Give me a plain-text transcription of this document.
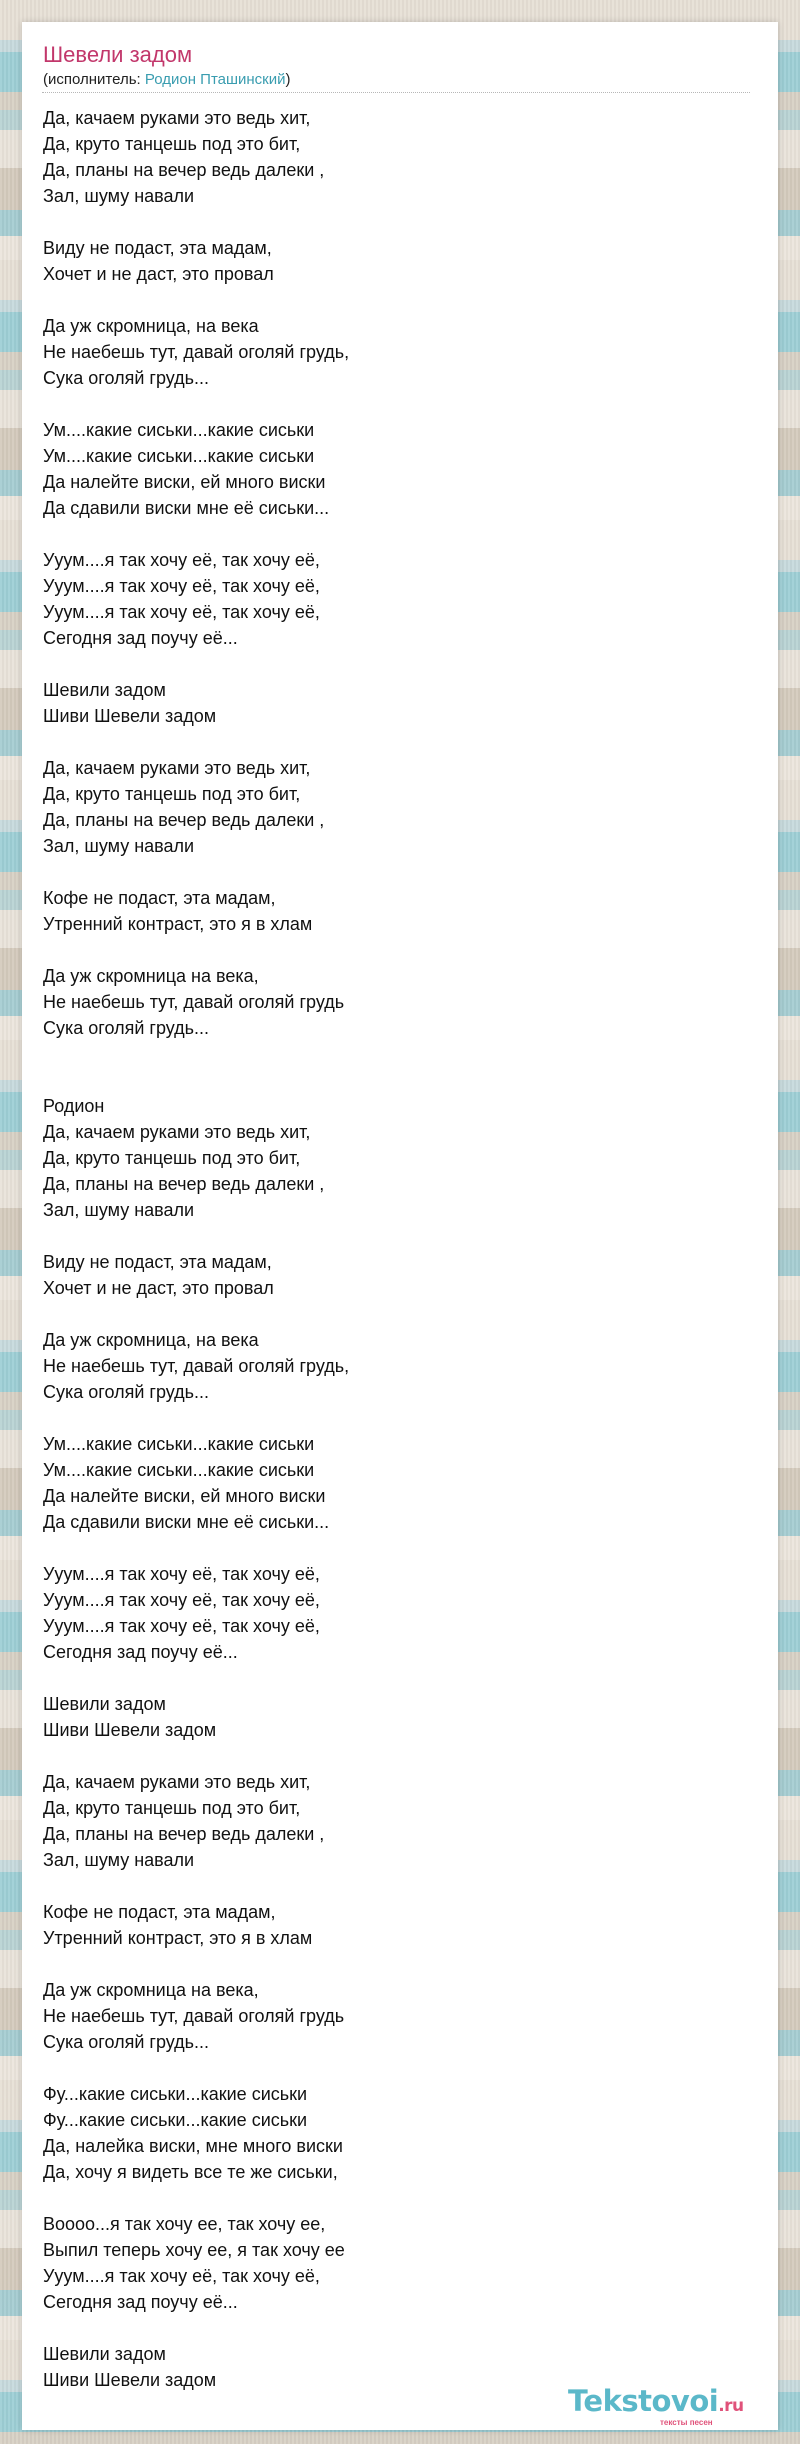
Шевели задом
(исполнитель: Родион Пташинский)
Да, качаем руками это ведь хит,
Да, круто танцешь под это бит,
Да, планы на вечер ведь далеки ,
Зал, шуму навали
Виду не подаст, эта мадам,
Хочет и не даст, это провал
Да уж скромница, на века
Не наебешь тут, давай оголяй грудь,
Сука оголяй грудь...
Ум....какие сиськи...какие сиськи
Ум....какие сиськи...какие сиськи
Да налейте виски, ей много виски
Да сдавили виски мне её сиськи...
Ууум....я так хочу её, так хочу её,
Ууум....я так хочу её, так хочу её,
Ууум....я так хочу её, так хочу её,
Сегодня зад поучу её...
Шевили задом
Шиви Шевели задом
Да, качаем руками это ведь хит,
Да, круто танцешь под это бит,
Да, планы на вечер ведь далеки ,
Зал, шуму навали
Кофе не подаст, эта мадам,
Утренний контраст, это я в хлам
Да уж скромница на века,
Не наебешь тут, давай оголяй грудь
Сука оголяй грудь...
Родион
Да, качаем руками это ведь хит,
Да, круто танцешь под это бит,
Да, планы на вечер ведь далеки ,
Зал, шуму навали
Виду не подаст, эта мадам,
Хочет и не даст, это провал
Да уж скромница, на века
Не наебешь тут, давай оголяй грудь,
Сука оголяй грудь...
Ум....какие сиськи...какие сиськи
Ум....какие сиськи...какие сиськи
Да налейте виски, ей много виски
Да сдавили виски мне её сиськи...
Ууум....я так хочу её, так хочу её,
Ууум....я так хочу её, так хочу её,
Ууум....я так хочу её, так хочу её,
Сегодня зад поучу её...
Шевили задом
Шиви Шевели задом
Да, качаем руками это ведь хит,
Да, круто танцешь под это бит,
Да, планы на вечер ведь далеки ,
Зал, шуму навали
Кофе не подаст, эта мадам,
Утренний контраст, это я в хлам
Да уж скромница на века,
Не наебешь тут, давай оголяй грудь
Сука оголяй грудь...
Фу...какие сиськи...какие сиськи
Фу...какие сиськи...какие сиськи
Да, налейка виски, мне много виски
Да, хочу я видеть все те же сиськи,
Воооо...я так хочу ее, так хочу ее,
Выпил теперь хочу ее, я так хочу ее
Ууум....я так хочу её, так хочу её,
Сегодня зад поучу её...
Шевили задом
Шиви Шевели задом
Tekstovoi.ru
тексты песен
